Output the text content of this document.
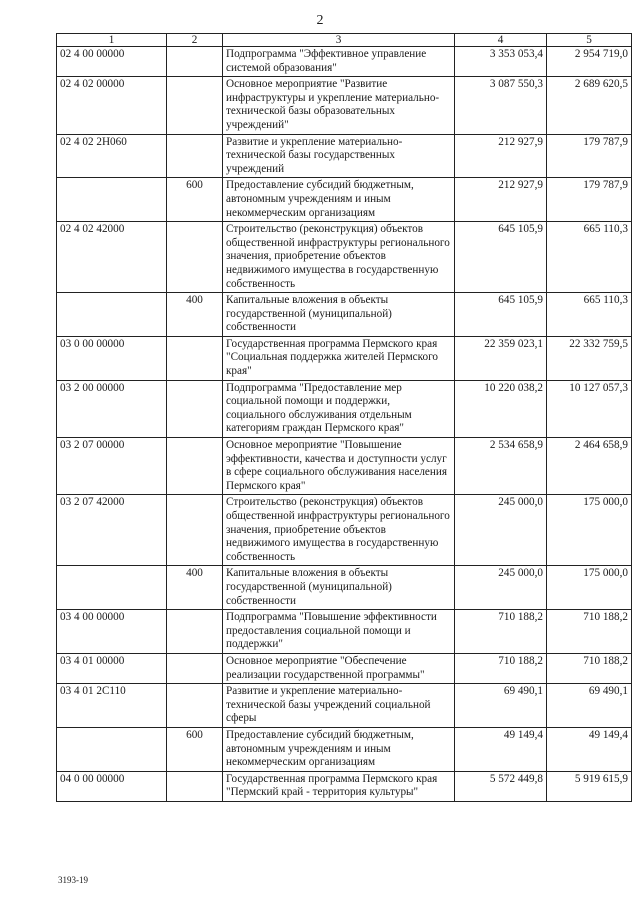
2
1	2	3	4	5
02 4 00 00000		Подпрограмма "Эффективное управление системой образования"	3 353 053,4	2 954 719,0
02 4 02 00000		Основное мероприятие "Развитие инфраструктуры и укрепление материально-технической базы образовательных учреждений"	3 087 550,3	2 689 620,5
02 4 02 2Н060		Развитие и укрепление материально-технической базы государственных учреждений	212 927,9	179 787,9
	600	Предоставление субсидий бюджетным, автономным учреждениям и иным некоммерческим организациям	212 927,9	179 787,9
02 4 02 42000		Строительство (реконструкция) объектов общественной инфраструктуры регионального значения, приобретение объектов недвижимого имущества в государственную собственность	645 105,9	665 110,3
	400	Капитальные вложения в объекты государственной (муниципальной) собственности	645 105,9	665 110,3
03 0 00 00000		Государственная программа Пермского края "Социальная поддержка жителей Пермского края"	22 359 023,1	22 332 759,5
03 2 00 00000		Подпрограмма "Предоставление мер социальной помощи и поддержки, социального обслуживания отдельным категориям граждан Пермского края"	10 220 038,2	10 127 057,3
03 2 07 00000		Основное мероприятие "Повышение эффективности, качества и доступности услуг в сфере социального обслуживания населения Пермского края"	2 534 658,9	2 464 658,9
03 2 07 42000		Строительство (реконструкция) объектов общественной инфраструктуры регионального значения, приобретение объектов недвижимого имущества в государственную собственность	245 000,0	175 000,0
	400	Капитальные вложения в объекты государственной (муниципальной) собственности	245 000,0	175 000,0
03 4 00 00000		Подпрограмма "Повышение эффективности предоставления социальной помощи и поддержки"	710 188,2	710 188,2
03 4 01 00000		Основное мероприятие "Обеспечение реализации государственной программы"	710 188,2	710 188,2
03 4 01 2С110		Развитие и укрепление материально-технической базы учреждений социальной сферы	69 490,1	69 490,1
	600	Предоставление субсидий бюджетным, автономным учреждениям и иным некоммерческим организациям	49 149,4	49 149,4
04 0 00 00000		Государственная программа Пермского края "Пермский край - территория культуры"	5 572 449,8	5 919 615,9
3193-19
